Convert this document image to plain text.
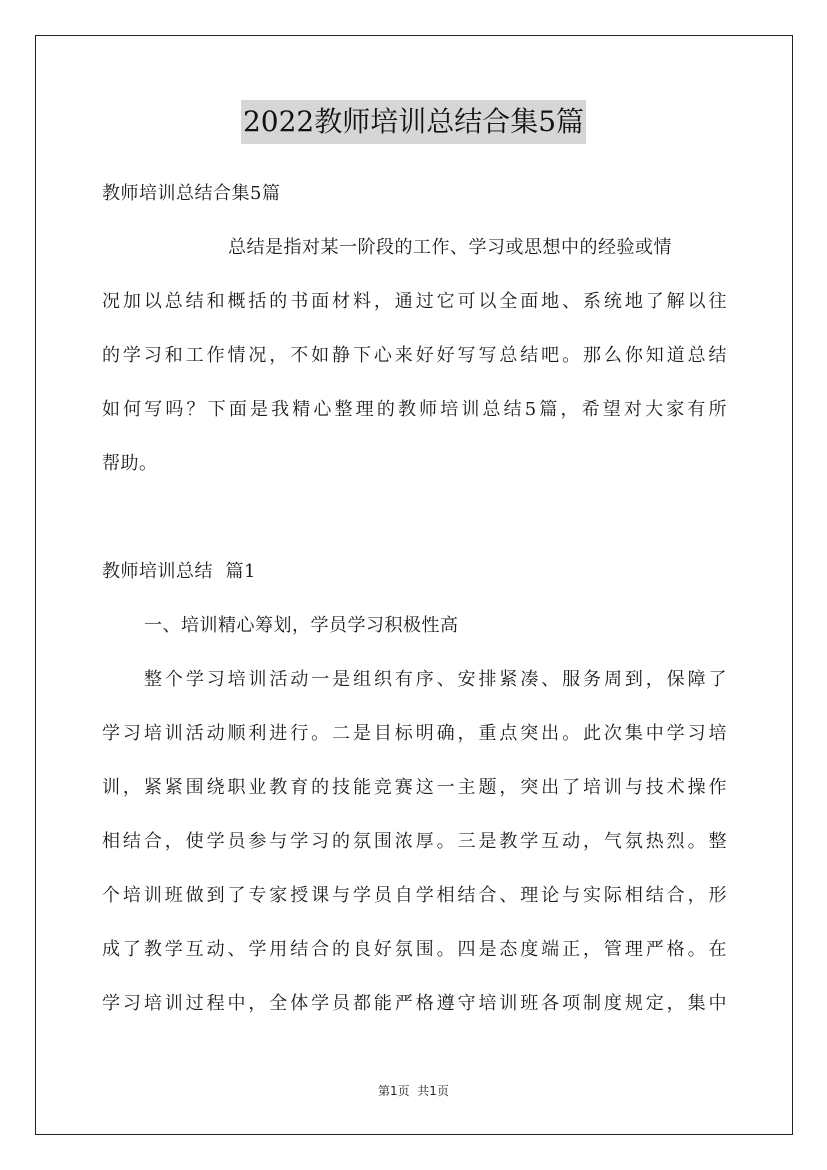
2022教师培训总结合集5篇
教师培训总结合集5篇
总结是指对某一阶段的工作、学习或思想中的经验或情
况加以总结和概括的书面材料，通过它可以全面地、系统地了解以往
的学习和工作情况，不如静下心来好好写写总结吧。那么你知道总结
如何写吗？下面是我精心整理的教师培训总结5篇，希望对大家有所
帮助。
教师培训总结  篇1
一、培训精心筹划，学员学习积极性高
整个学习培训活动一是组织有序、安排紧凑、服务周到，保障了
学习培训活动顺利进行。二是目标明确，重点突出。此次集中学习培
训，紧紧围绕职业教育的技能竞赛这一主题，突出了培训与技术操作
相结合，使学员参与学习的氛围浓厚。三是教学互动，气氛热烈。整
个培训班做到了专家授课与学员自学相结合、理论与实际相结合，形
成了教学互动、学用结合的良好氛围。四是态度端正，管理严格。在
学习培训过程中，全体学员都能严格遵守培训班各项制度规定，集中
第1页  共1页
